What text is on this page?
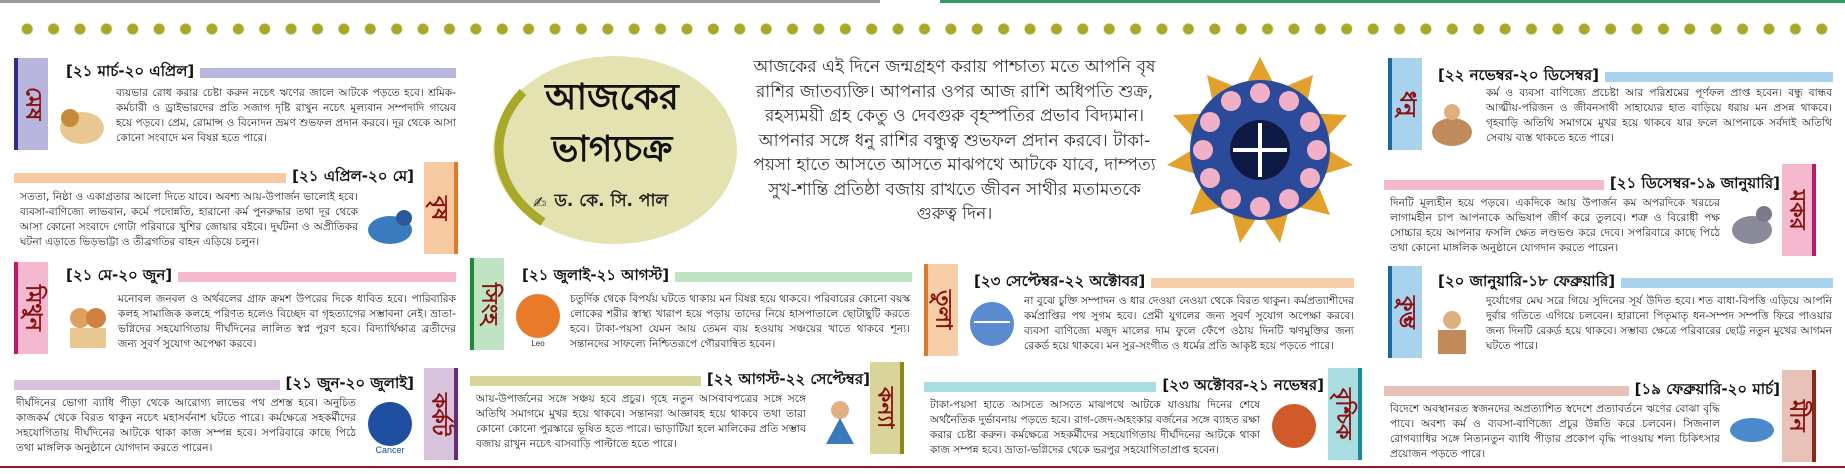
আজকের
ভাগ্যচক্র
✍ ড. কে. সি. পাল
আজকের এই দিনে জন্মগ্রহণ করায় পাশ্চাত্য মতে আপনি বৃষ রাশির জাতব্যক্তি। আপনার ওপর আজ রাশি অধিপতি শুক্র, রহস্যময়ী গ্রহ কেতু ও দেবগুরু বৃহস্পতির প্রভাব বিদ্যমান। আপনার সঙ্গে ধনু রাশির বন্ধুত্ব শুভফল প্রদান করবে। টাকা-পয়সা হাতে আসতে আসতে মাঝপথে আটকে যাবে, দাম্পত্য সুখ-শান্তি প্রতিষ্ঠা বজায় রাখতে জীবন সাথীর মতামতকে গুরুত্ব দিন।
মেষ
[২১ মার্চ-২০ এপ্রিল]
ব্যয়ভার রোধ করার চেষ্টা করুন নচেৎ ঋণের জালে আটকে পড়তে হবে। শ্রমিক-কর্মচারী ও ড্রাইভারদের প্রতি সজাগ দৃষ্টি রাখুন নচেৎ মূল্যবান সম্পদাদি গায়েব হয়ে পড়বে। প্রেম, রোমান্স ও বিনোদন ভ্রমণ শুভফল প্রদান করবে। দূর থেকে আসা কোনো সংবাদে মন বিষণ্ণ হতে পারে।
[২১ এপ্রিল-২০ মে]
বৃষ
সততা, নিষ্ঠা ও একাগ্রতার আলো দিতে যাবে। অবশ্য আয়-উপার্জন ভালোই হবে। ব্যবসা-বাণিজ্যে লাভবান, কর্মে পদোন্নতি, হারানো কর্ম পুনরুদ্ধার তথা দূর থেকে আসা কোনো সংবাদে গোটা পরিবারে খুশির জোয়ার বইবে। দুর্ঘটনা ও অপ্রীতিকর ঘটনা এড়াতে ভিড়ভাট্টা ও তীব্রগতির বাহন এড়িয়ে চলুন।
মিথুন
[২১ মে-২০ জুন]
মনোবল জনবল ও অর্থবলের গ্রাফ ক্রমশ উপরের দিকে ধাবিত হবে। পারিবারিক কলহ সামাজিক কলহে পরিণত হলেও বিচ্ছেদ বা গৃহত্যাগের সম্ভাবনা নেই। ভ্রাতা-ভগ্নিদের সহযোগিতায় দীর্ঘদিনের লালিত স্বপ্ন পূরণ হবে। বিদ্যার্থিক্ষাত্র ব্রতীদের জন্য সুবর্ণ সুযোগ অপেক্ষা করবে।
[২১ জুন-২০ জুলাই]
কর্কট
দীর্ঘদিনের ভোগা ব্যাধি পীড়া থেকে আরোগ্য লাভের পথ প্রশস্ত হবে। অনুচিত কাজকর্ম থেকে বিরত থাকুন নচেৎ মহাসর্বনাশ ঘটতে পারে। কর্মক্ষেত্রে সহকর্মীদের সহযোগিতায় দীর্ঘদিনের আটকে থাকা কাজ সম্পন্ন হবে। সপরিবারে কাছে পিঠে তথা মাঙ্গলিক অনুষ্ঠানে যোগদান করতে পারেন।	Cancer
সিংহ
[২১ জুলাই-২১ আগস্ট]
Leo
চতুর্দিক থেকে বিপর্যয় ঘটতে থাকায় মন বিষণ্ণ হয়ে থাকবে। পরিবারের কোনো বয়স্ক লোকের শরীর স্বাস্থ্য খারাপ হয়ে পড়ায় তাদের নিয়ে হাসপাতালে ছোটাছুটি করতে হবে। টাকা-পয়সা যেমন আয় তেমন ব্যয় হওয়ায় সঞ্চয়ের খাতে থাকবে শূন্য। সন্তানদের সাফল্যে নিশ্চিতরূপে গৌরবান্বিত হবেন।
[২২ আগস্ট-২২ সেপ্টেম্বর]
কন্যা
আয়-উপার্জনের সঙ্গে সঞ্চয় হবে প্রচুর। গৃহে নতুন আসবাবপত্রের সঙ্গে সঙ্গে অতিথি সমাগমে মুখর হয়ে থাকবে। সন্তানরা আজ্ঞাবহ হয়ে থাকবে তথা তারা কোনো কোনো পুরস্কারে ভূষিত হতে পারে। ভাড়াটিয়া হলে মালিকের প্রতি সম্ভাব বজায় রাখুন নচেৎ বাসবাড়ি পাল্টাতে হতে পারে।
তুলা
[২৩ সেপ্টেম্বর-২২ অক্টোবর]
না বুঝে চুক্তি সম্পাদন ও ধার দেওয়া নেওয়া থেকে বিরত থাকুন। কর্মপ্রত্যাশীদের কর্মপ্রাপ্তির পথ সুগম হবে। প্রেমী যুগলের জন্য সুবর্ণ সুযোগ অপেক্ষা করবে। ব্যবসা বাণিজ্যে মজুদ মালের দাম ফুলে ফেঁপে ওঠায় দিনটি ঋণমুক্তির জন্য রেকর্ড হয়ে থাকবে। মন সুর-সংগীত ও ধর্মের প্রতি আকৃষ্ট হয়ে পড়তে পারে।
[২৩ অক্টোবর-২১ নভেম্বর]
বৃশ্চিক
টাকা-পয়সা হাতে আসতে আসতে মাঝপথে আটকে যাওয়ায় দিনের শেষে অর্থনৈতিক দুর্ভাবনায় পড়তে হবে। রাগ-জেদ-অহংকার বর্জনের সঙ্গে ব্যাহত রক্ষা করার চেষ্টা করুন। কর্মক্ষেত্রে সহকর্মীদের সহযোগিতায় দীর্ঘদিনের আটকে থাকা কাজ সম্পন্ন হবে। ভ্রাতা-ভগ্নিদের থেকে ভরপুর সহযোগিতাপ্রাপ্ত হবেন।
ধনু
[২২ নভেম্বর-২০ ডিসেম্বর]
কর্ম ও ব্যবসা বাণিজ্যে প্রচেষ্টা আর পরিশ্রমের পূর্ণফল প্রাপ্ত হবেন। বন্ধু বান্ধব আত্মীয়-পরিজন ও জীবনসাথী সাহায্যের হাত বাড়িয়ে ধরায় মন প্রসন্ন থাকবে। গৃহবাড়ি অতিথি সমাগমে মুখর হয়ে থাকবে যার ফলে আপনাকে সর্বদাই অতিথি সেবায় ব্যস্ত থাকতে হতে পারে।
[২১ ডিসেম্বর-১৯ জানুয়ারি]
মকর
দিনটি মূল্যহীন হয়ে পড়বে। একদিকে আয় উপার্জন কম অপরদিকে খরচের লাগামহীন চাপ আপনাকে অভিষাপ জীর্ণ করে তুলবে। শত্রু ও বিরোধী পক্ষ সোচ্চার হয়ে আপনার ফসলি ক্ষেত লণ্ডভণ্ড করে দেবে। সপরিবারে কাছে পিঠে তথা কোনো মাঙ্গলিক অনুষ্ঠানে যোগদান করতে পারেন।
কুম্ভ
[২০ জানুয়ারি-১৮ ফেব্রুয়ারি]
দুর্যোগের মেঘ সরে গিয়ে সুদিনের সূর্য উদিত হবে। শত বাধা-বিপত্তি এড়িয়ে আপনি দুর্বার গতিতে এগিয়ে চলবেন। হারানো পিতৃমাতৃ ধন-সম্পদ সম্পত্তি ফিরে পাওয়ার জন্য দিনটি রেকর্ড হয়ে থাকবে। সম্ভাব্য ক্ষেত্রে পরিবারের ছোট্ট নতুন মুখের আগমন ঘটতে পারে।
[১৯ ফেব্রুয়ারি-২০ মার্চ]
মীন
বিদেশে অবস্থানরত স্বজনদের অপ্রত্যাশিত স্বদেশে প্রত্যাবর্তনে ঋণের বোঝা বৃদ্ধি পাবে। অবশ্য কর্ম ও ব্যবসা-বাণিজ্যে প্রচুর উন্নতি করে চলবেন। সিজনাল রোগব্যাধির সঙ্গে নিত্যনতুন ব্যাধি পীড়ার প্রকোপ বৃদ্ধি পাওয়ায় শল্য চিকিৎসার প্রয়োজন পড়তে পারে।
